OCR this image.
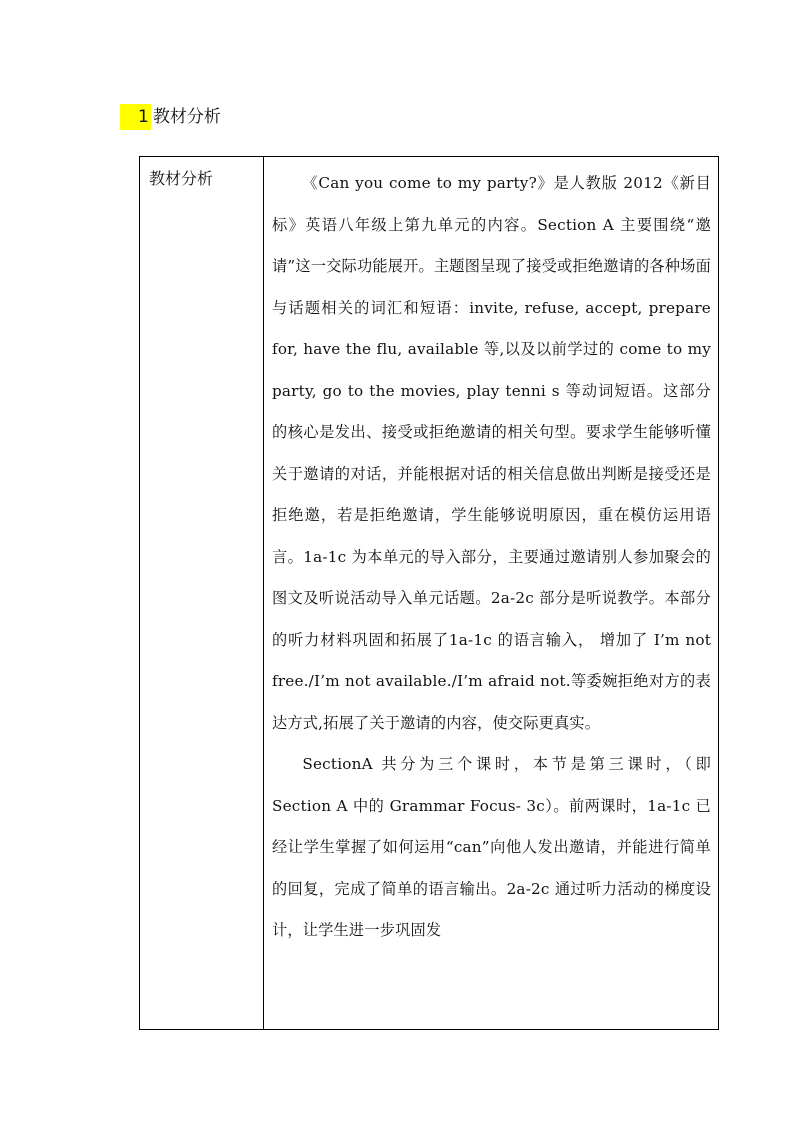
1 教材分析
教材分析	《Can you come to my party?》是人教版 2012《新目标》英语八年级上第九单元的内容。Section A 主要围绕“邀请”这一交际功能展开。主题图呈现了接受或拒绝邀请的各种场面与话题相关的词汇和短语：invite, refuse, accept, prepare for, have the flu, available 等,以及以前学过的 come to my party, go to the movies, play tenni s 等动词短语。这部分的核心是发出、接受或拒绝邀请的相关句型。要求学生能够听懂关于邀请的对话，并能根据对话的相关信息做出判断是接受还是拒绝邀，若是拒绝邀请，学生能够说明原因，重在模仿运用语言。1a-1c 为本单元的导入部分，主要通过邀请别人参加聚会的图文及听说活动导入单元话题。2a-2c 部分是听说教学。本部分的听力材料巩固和拓展了1a-1c 的语言输入， 增加了 I’m not free./I’m not available./I’m afraid not.等委婉拒绝对方的表达方式,拓展了关于邀请的内容，使交际更真实。

SectionA 共分为三个课时，本节是第三课时，（即 Section A 中的 Grammar Focus- 3c）。前两课时，1a-1c 已经让学生掌握了如何运用“can”向他人发出邀请，并能进行简单的回复，完成了简单的语言输出。2a-2c 通过听力活动的梯度设计，让学生进一步巩固发
